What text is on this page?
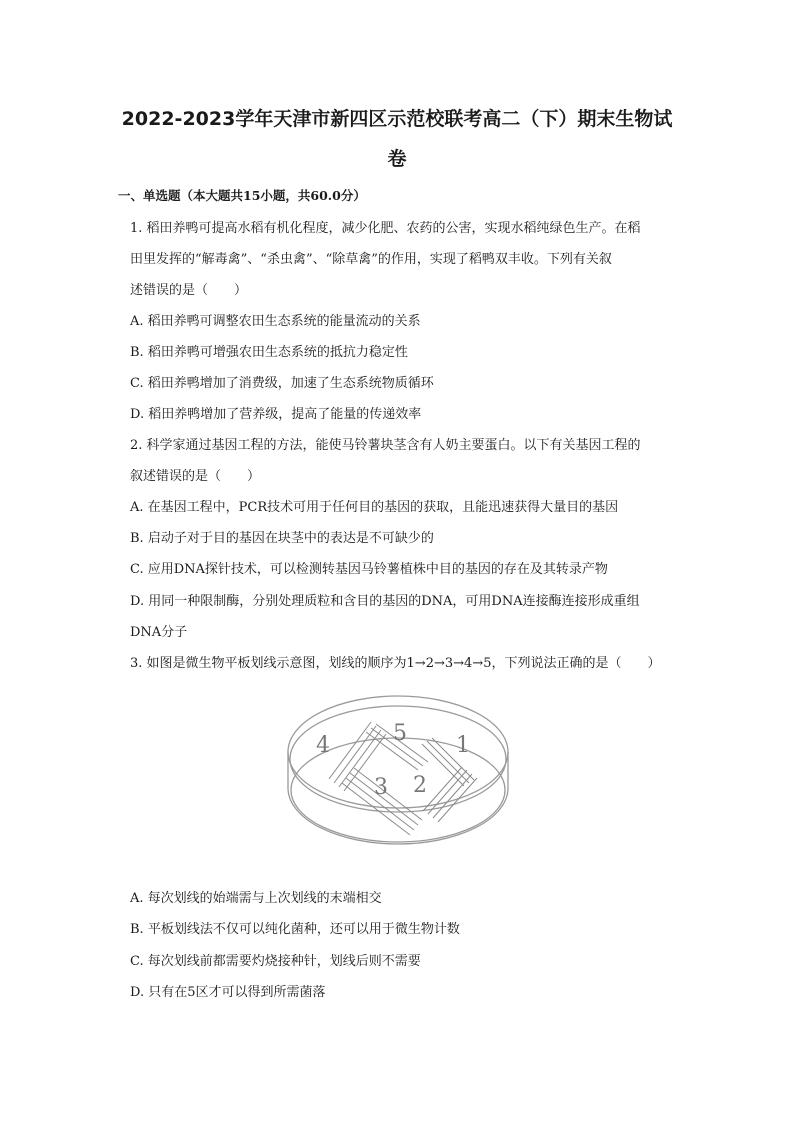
2022-2023学年天津市新四区示范校联考高二（下）期末生物试
卷
一、单选题（本大题共15小题，共60.0分）
1. 稻田养鸭可提高水稻有机化程度，减少化肥、农药的公害，实现水稻纯绿色生产。在稻
田里发挥的“解毒禽”、“杀虫禽”、“除草禽”的作用，实现了稻鸭双丰收。下列有关叙
述错误的是（　　）
A. 稻田养鸭可调整农田生态系统的能量流动的关系
B. 稻田养鸭可增强农田生态系统的抵抗力稳定性
C. 稻田养鸭增加了消费级，加速了生态系统物质循环
D. 稻田养鸭增加了营养级，提高了能量的传递效率
2. 科学家通过基因工程的方法，能使马铃薯块茎含有人奶主要蛋白。以下有关基因工程的
叙述错误的是（　　）
A. 在基因工程中，PCR技术可用于任何目的基因的获取，且能迅速获得大量目的基因
B. 启动子对于目的基因在块茎中的表达是不可缺少的
C. 应用DNA探针技术，可以检测转基因马铃薯植株中目的基因的存在及其转录产物
D. 用同一种限制酶，分别处理质粒和含目的基因的DNA，可用DNA连接酶连接形成重组
DNA分子
3. 如图是微生物平板划线示意图，划线的顺序为1→2→3→4→5，下列说法正确的是（　　）
1
2
3
4	5
A. 每次划线的始端需与上次划线的末端相交
B. 平板划线法不仅可以纯化菌种，还可以用于微生物计数
C. 每次划线前都需要灼烧接种针，划线后则不需要
D. 只有在5区才可以得到所需菌落
